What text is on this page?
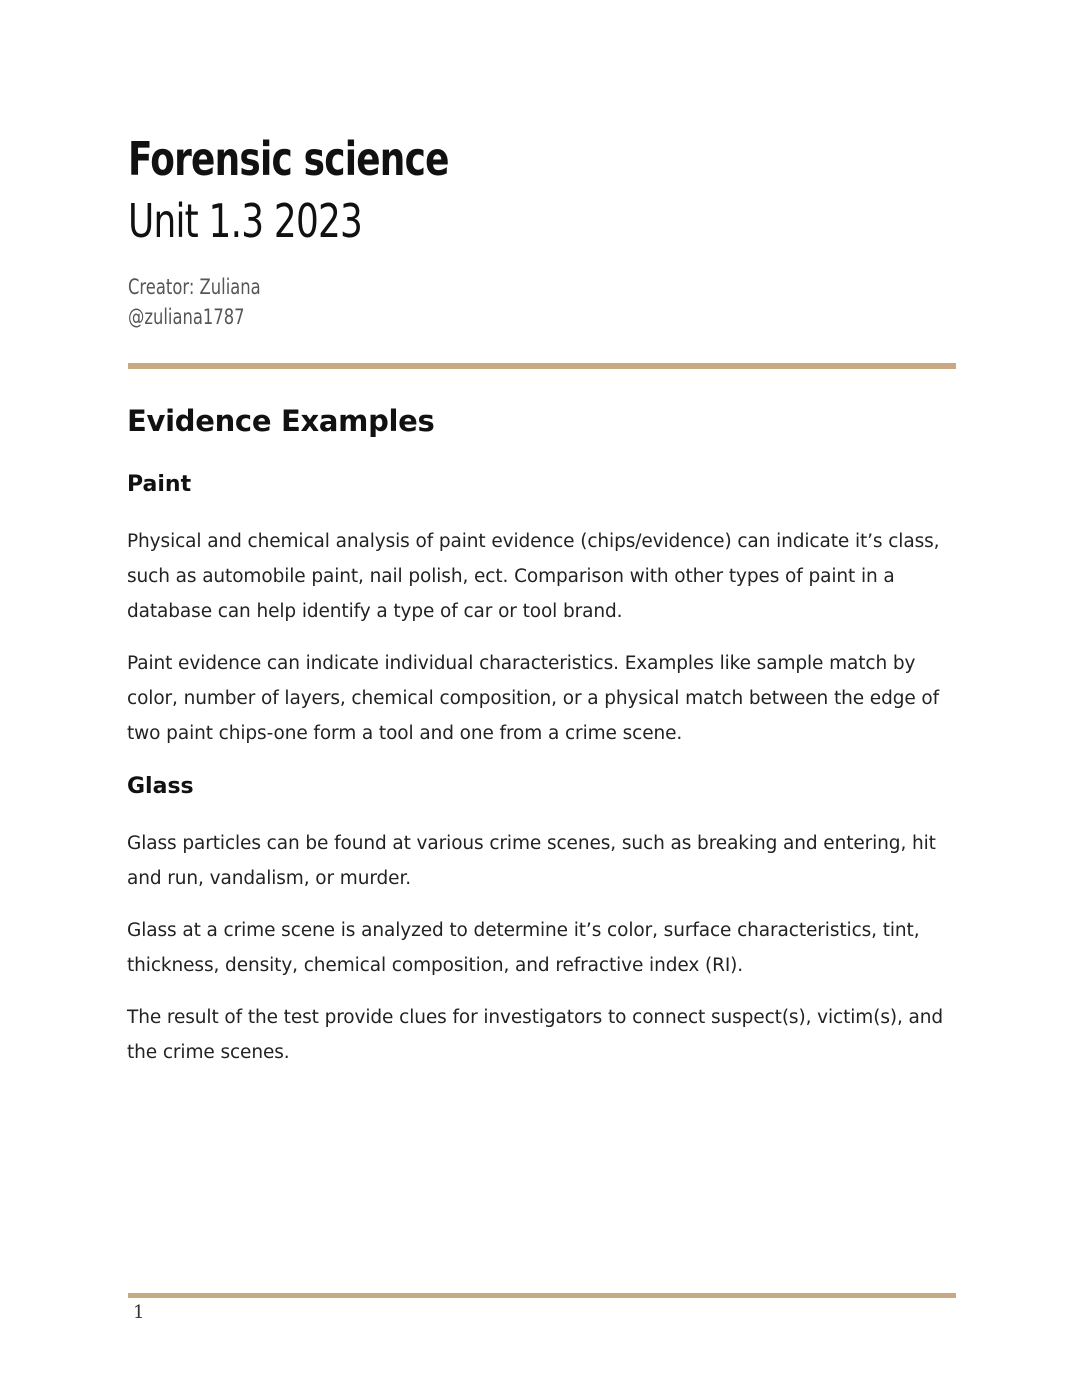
Forensic science
Unit 1.3 2023
Creator: Zuliana
@zuliana1787
Evidence Examples
Paint

Physical and chemical analysis of paint evidence (chips/evidence) can indicate it’s class, such as automobile paint, nail polish, ect. Comparison with other types of paint in a database can help identify a type of car or tool brand.

Paint evidence can indicate individual characteristics. Examples like sample match by color, number of layers, chemical composition, or a physical match between the edge of two paint chips-one form a tool and one from a crime scene.

Glass

Glass particles can be found at various crime scenes, such as breaking and entering, hit and run, vandalism, or murder.

Glass at a crime scene is analyzed to determine it’s color, surface characteristics, tint, thickness, density, chemical composition, and refractive index (RI).

The result of the test provide clues for investigators to connect suspect(s), victim(s), and the crime scenes.

1
